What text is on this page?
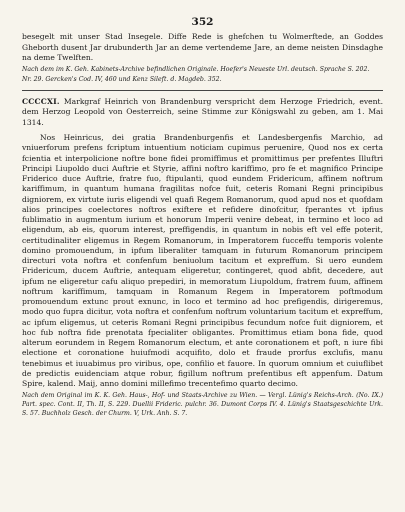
352

besegelt mit unser Stad Insegele. Diffe Rede is ghefchen tu Wolmerftede, an Goddes Gheborth dusent Jar drubunderth Jar an deme vertendeme Jare, an deme neisten Dinsdaghe na deme Twelften.

Nach dem im K. Geh. Kabinets-Archive befindlichen Originale. Hoefer's Neueste Url. deutsch. Sprache S. 202.
Nr. 29. Gercken's Cod. IV, 460 und Kenz Sileft. d. Magdeb. 352.
CCCCXI. Markgraf Heinrich von Brandenburg verspricht dem Herzoge Friedrich, event. dem Herzog Leopold von Oesterreich, seine Stimme zur Königswahl zu geben, am 1. Mai 1314.

Nos Heinricus, dei gratia Brandenburgenfis et Landesbergenfis Marchio, ad vniuerforum prefens fcriptum intuentium noticiam cupimus peruenire, Quod nos ex certa fcientia et interpolicione noftre bone fidei promiffimus et promittimus per prefentes Illuftri Principi Liupoldo duci Auftrie et Styrie, affini noftro kariffimo, pro fe et magnifico Principe Friderico duce Auftrie, fratre fuo, ftipulanti, quod eundem Fridericum, affinem noftrum kariffimum, in quantum humana fragilitas nofce fuit, ceteris Romani Regni principibus digniorem, ex virtute iuris eligendi vel quafi Regem Romanorum, quod apud nos et quofdam alios principes coelectores noftros exiftere et refidere dinofcitur, fperantes vt ipfius fublimatio in augmentum iurium et honorum Imperii venire debeat, in termino et loco ad eligendum, ab eis, quorum interest, preffigendis, in quantum in nobis eft vel effe poterit, certitudinaliter eligemus in Regem Romanorum, in Imperatorem fucceffu temporis volente domino promouendum, in ipfum liberaliter tamquam in futurum Romanorum principem directuri vota noftra et confenfum beniuolum tacitum et expreffum. Si uero eundem Fridericum, ducem Auftrie, antequam eligeretur, contingeret, quod abfit, decedere, aut ipfum ne eligeretur cafu aliquo prepediri, in memoratum Liupoldum, fratrem fuum, affinem noftrum kariffimum, tamquam in Romanum Regem in Imperatorem poftmodum promouendum extunc prout exnunc, in loco et termino ad hoc prefigendis, dirigeremus, modo quo fupra dicitur, vota noftra et confenfum noftrum voluntarium tacitum et expreffum, ac ipfum eligemus, ut ceteris Romani Regni principibus fecundum nofce fuit digniorem, et hoc fub noftra fide prenotata fpecialiter obligantes. Promittimus etiam bona fide, quod alterum eorundem in Regem Romanorum electum, et ante coronationem et poft, n iure fibi electione et coronatione huiufmodi acquifito, dolo et fraude prorfus exclufis, manu tenebimus et iuuabimus pro viribus, ope, confilio et fauore. In quorum omnium et cuiuflibet de predictis euidenciam atque robur, figillum noftrum prefentibus eft appenfum. Datum Spire, kalend. Maij, anno domini millefimo trecentefimo quarto decimo.

Nach dem Original im K. K. Geh. Haus-, Hof- und Staats-Archive zu Wien. — Vergl. Lünig's Reichs-Arch. (No. IX.) Part. spec. Cont. II, Th. II, S. 229. Duellii Frideric. pulchr. 36. Dumont Corps IV. 4. Lünig's Staatsgeschichte Urk. S. 57. Buchholz Gesch. der Churm. V, Urk. Anh. S. 7.
